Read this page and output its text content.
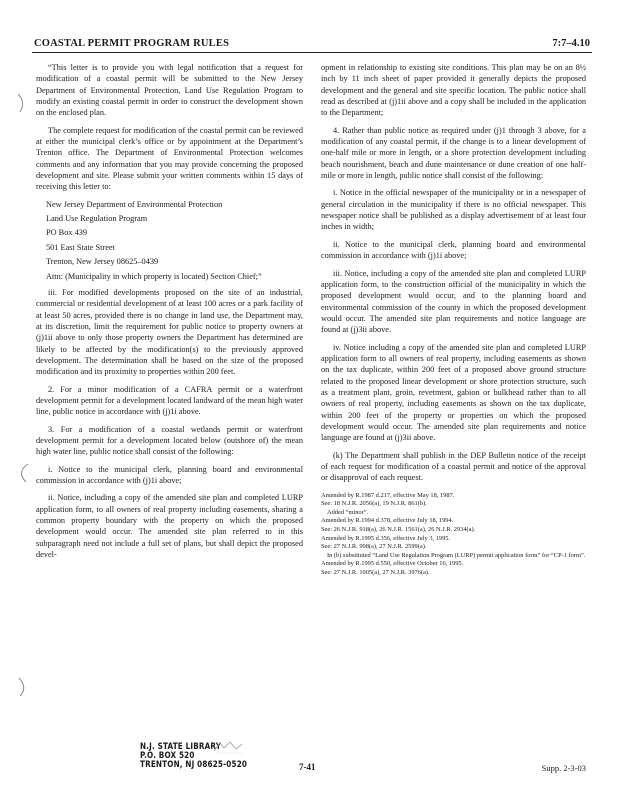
COASTAL PERMIT PROGRAM RULES	7:7–4.10

“This letter is to provide you with legal notification that a request for modification of a coastal permit will be submitted to the New Jersey Department of Environmental Protection, Land Use Regulation Program to modify an existing coastal permit in order to construct the development shown on the enclosed plan.

The complete request for modification of the coastal permit can be reviewed at either the municipal clerk’s office or by appointment at the Department’s Trenton office. The Department of Environmental Protection welcomes comments and any information that you may provide concerning the proposed development and site. Please submit your written comments within 15 days of receiving this letter to:

New Jersey Department of Environmental Protection
Land Use Regulation Program
PO Box 439
501 East State Street
Trenton, New Jersey 08625–0439
Attn: (Municipality in which property is located) Section Chief;”

iii. For modified developments proposed on the site of an industrial, commercial or residential development of at least 100 acres or a park facility of at least 50 acres, provided there is no change in land use, the Department may, at its discretion, limit the requirement for public notice to property owners at (j)1ii above to only those property owners the Department has determined are likely to be affected by the modification(s) to the previously approved development. The determination shall be based on the size of the proposed modification and its proximity to properties within 200 feet.

2. For a minor modification of a CAFRA permit or a waterfront development permit for a development located landward of the mean high water line, public notice in accordance with (j)1i above.

3. For a modification of a coastal wetlands permit or waterfront development permit for a development located below (outshore of) the mean high water line, public notice shall consist of the following:

i. Notice to the municipal clerk, planning board and environmental commission in accordance with (j)1i above;

ii. Notice, including a copy of the amended site plan and completed LURP application form, to all owners of real property including easements, sharing a common property boundary with the property on which the proposed development would occur. The amended site plan referred to in this subparagraph need not include a full set of plans, but shall depict the proposed devel-

opment in relationship to existing site conditions. This plan may be on an 8½ inch by 11 inch sheet of paper provided it generally depicts the proposed development and the general and site specific location. The public notice shall read as described at (j)1ii above and a copy shall be included in the application to the Department;

4. Rather than public notice as required under (j)1 through 3 above, for a modification of any coastal permit, if the change is to a linear development of one-half mile or more in length, or a shore protection development including beach nourishment, beach and dune maintenance or dune creation of one half-mile or more in length, public notice shall consist of the following:

i. Notice in the official newspaper of the municipality or in a newspaper of general circulation in the municipality if there is no official newspaper. This newspaper notice shall be published as a display advertisement of at least four inches in width;

ii. Notice to the municipal clerk, planning board and environmental commission in accordance with (j)1i above;

iii. Notice, including a copy of the amended site plan and completed LURP application form, to the construction official of the municipality in which the proposed development would occur, and to the planning board and environmental commission of the county in which the proposed development would occur. The amended site plan requirements and notice language are found at (j)3ii above.

iv. Notice including a copy of the amended site plan and completed LURP application form to all owners of real property, including easements as shown on the tax duplicate, within 200 feet of a proposed above ground structure related to the proposed linear development or shore protection structure, such as a treatment plant, groin, revetment, gabion or bulkhead rather than to all owners of real property, including easements as shown on the tax duplicate, within 200 feet of the property or properties on which the proposed development would occur. The amended site plan requirements and notice language are found at (j)3ii above.

(k) The Department shall publish in the DEP Bulletin notice of the receipt of each request for modification of a coastal permit and notice of the approval or disapproval of each request.

Amended by R.1987 d.217, effective May 18, 1987.
See: 18 N.J.R. 2056(a), 19 N.J.R. 861(b).
Added “minor”.
Amended by R.1994 d.378, effective July 18, 1994.
See: 26 N.J.R. 918(a), 26 N.J.R. 1561(a), 26 N.J.R. 2934(a).
Amended by R.1995 d.356, effective July 3, 1995.
See: 27 N.J.R. 998(a), 27 N.J.R. 2599(a).
In (b) substituted “Land Use Regulation Program (LURP) permit application form” for “CP-1 form”.
Amended by R.1995 d.550, effective October 16, 1995.
See: 27 N.J.R. 1005(a), 27 N.J.R. 3976(a).
N.J. STATE LIBRARY
P.O. BOX 520
TRENTON, NJ 08625-0520	7-41	Supp. 2-3-03
